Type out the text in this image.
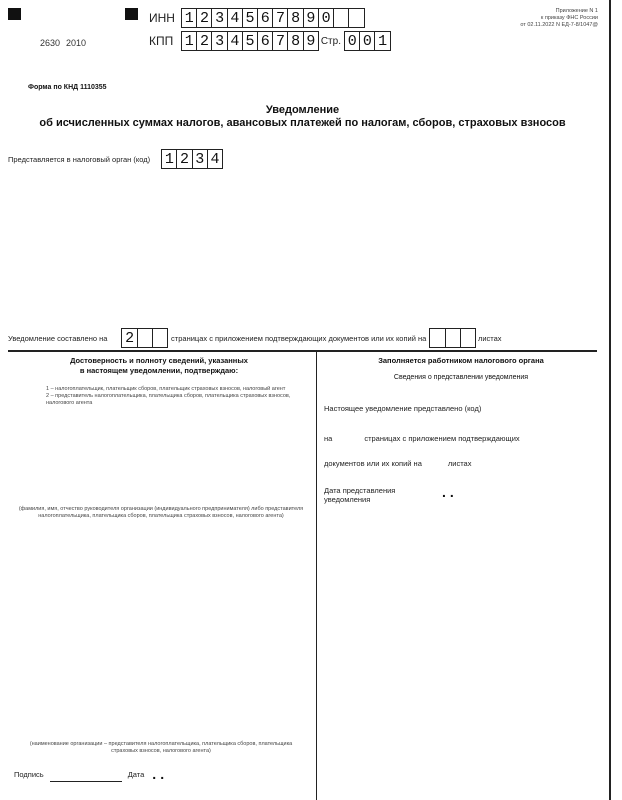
2630 2010
ИНН 1 2 3 4 5 6 7 8 9 0
КПП 1 2 3 4 5 6 7 8 9 Стр. 0 0 1
Приложение N 1
к приказу ФНС России
от 02.11.2022 N ЕД-7-8/1047@
Форма по КНД 1110355
Уведомление
об исчисленных суммах налогов, авансовых платежей по налогам, сборов, страховых взносов
Представляется в налоговый орган (код) 1 2 3 4
Уведомление составлено на 2	страницах с приложением подтверждающих документов или их копий на	листах
Достоверность и полноту сведений, указанных
в настоящем уведомлении, подтверждаю:
1 – налогоплательщик, плательщик сборов, плательщик страховых взносов, налоговый агент
2 – представитель налогоплательщика, плательщика сборов, плательщика страховых взносов, налогового агента
(фамилия, имя, отчество руководителя организации (индивидуального предпринимателя) либо представителя налогоплательщика, плательщика сборов, плательщика страховых взносов, налогового агента)
(наименование организации – представителя налогоплательщика, плательщика сборов, плательщика страховых взносов, налогового агента)
Подпись	Дата . .
Заполняется работником налогового органа
Сведения о представлении уведомления
Настоящее уведомление представлено (код)
на	страницах с приложением подтверждающих
документов или их копий на	листах
Дата представления уведомления	. .
